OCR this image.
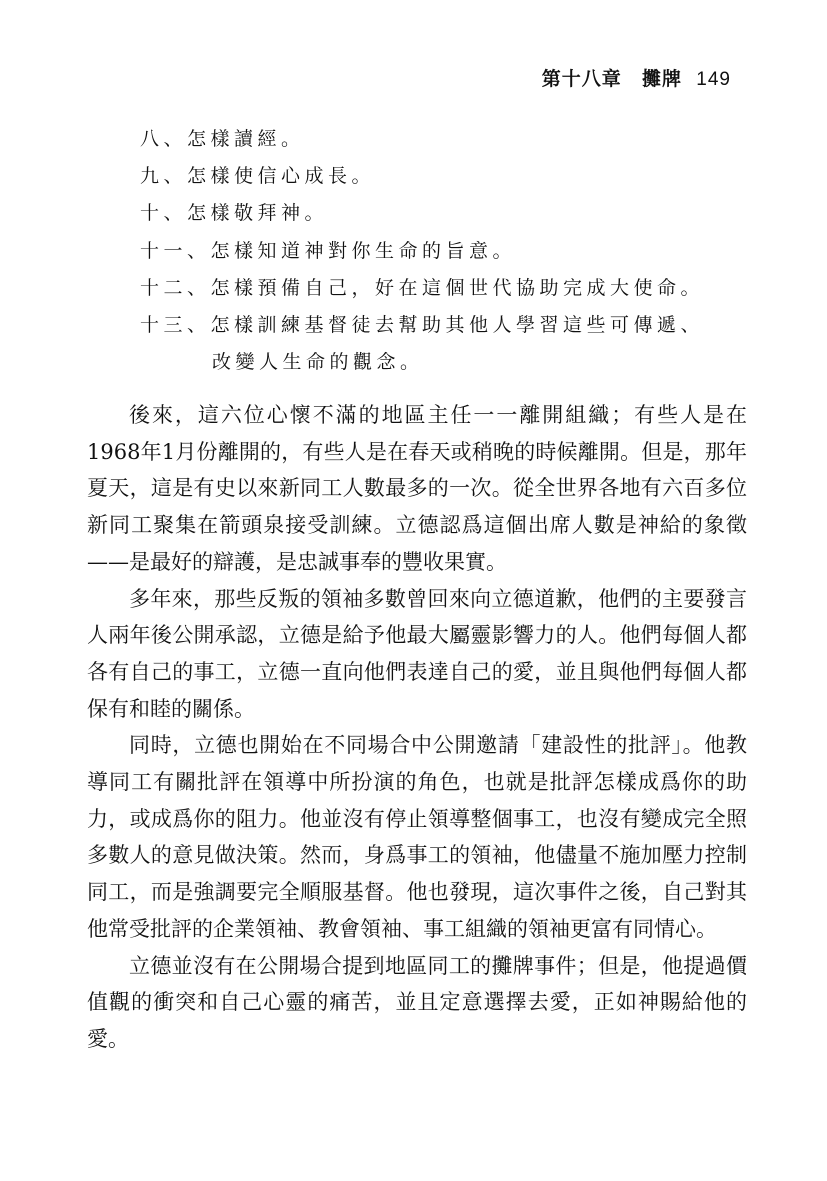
第十八章 攤牌 149
八、 怎樣讀經。
九、 怎樣使信心成長。
十、 怎樣敬拜神。
十一、 怎樣知道神對你生命的旨意。
十二、 怎樣預備自己，好在這個世代協助完成大使命。
十三、 怎樣訓練基督徒去幫助其他人學習這些可傳遞、
改變人生命的觀念。

後來，這六位心懷不滿的地區主任一一離開組織；有些人是在1968年1月份離開的，有些人是在春天或稍晚的時候離開。但是，那年夏天，這是有史以來新同工人數最多的一次。從全世界各地有六百多位新同工聚集在箭頭泉接受訓練。立德認爲這個出席人數是神給的象徵——是最好的辯護，是忠誠事奉的豐收果實。

多年來，那些反叛的領袖多數曾回來向立德道歉，他們的主要發言人兩年後公開承認，立德是給予他最大屬靈影響力的人。他們每個人都各有自己的事工，立德一直向他們表達自己的愛，並且與他們每個人都保有和睦的關係。

同時，立德也開始在不同場合中公開邀請「建設性的批評」。他教導同工有關批評在領導中所扮演的角色，也就是批評怎樣成爲你的助力，或成爲你的阻力。他並沒有停止領導整個事工，也沒有變成完全照多數人的意見做決策。然而，身爲事工的領袖，他儘量不施加壓力控制同工，而是強調要完全順服基督。他也發現，這次事件之後，自己對其他常受批評的企業領袖、教會領袖、事工組織的領袖更富有同情心。

立德並沒有在公開場合提到地區同工的攤牌事件；但是，他提過價值觀的衝突和自己心靈的痛苦，並且定意選擇去愛，正如神賜給他的愛。
